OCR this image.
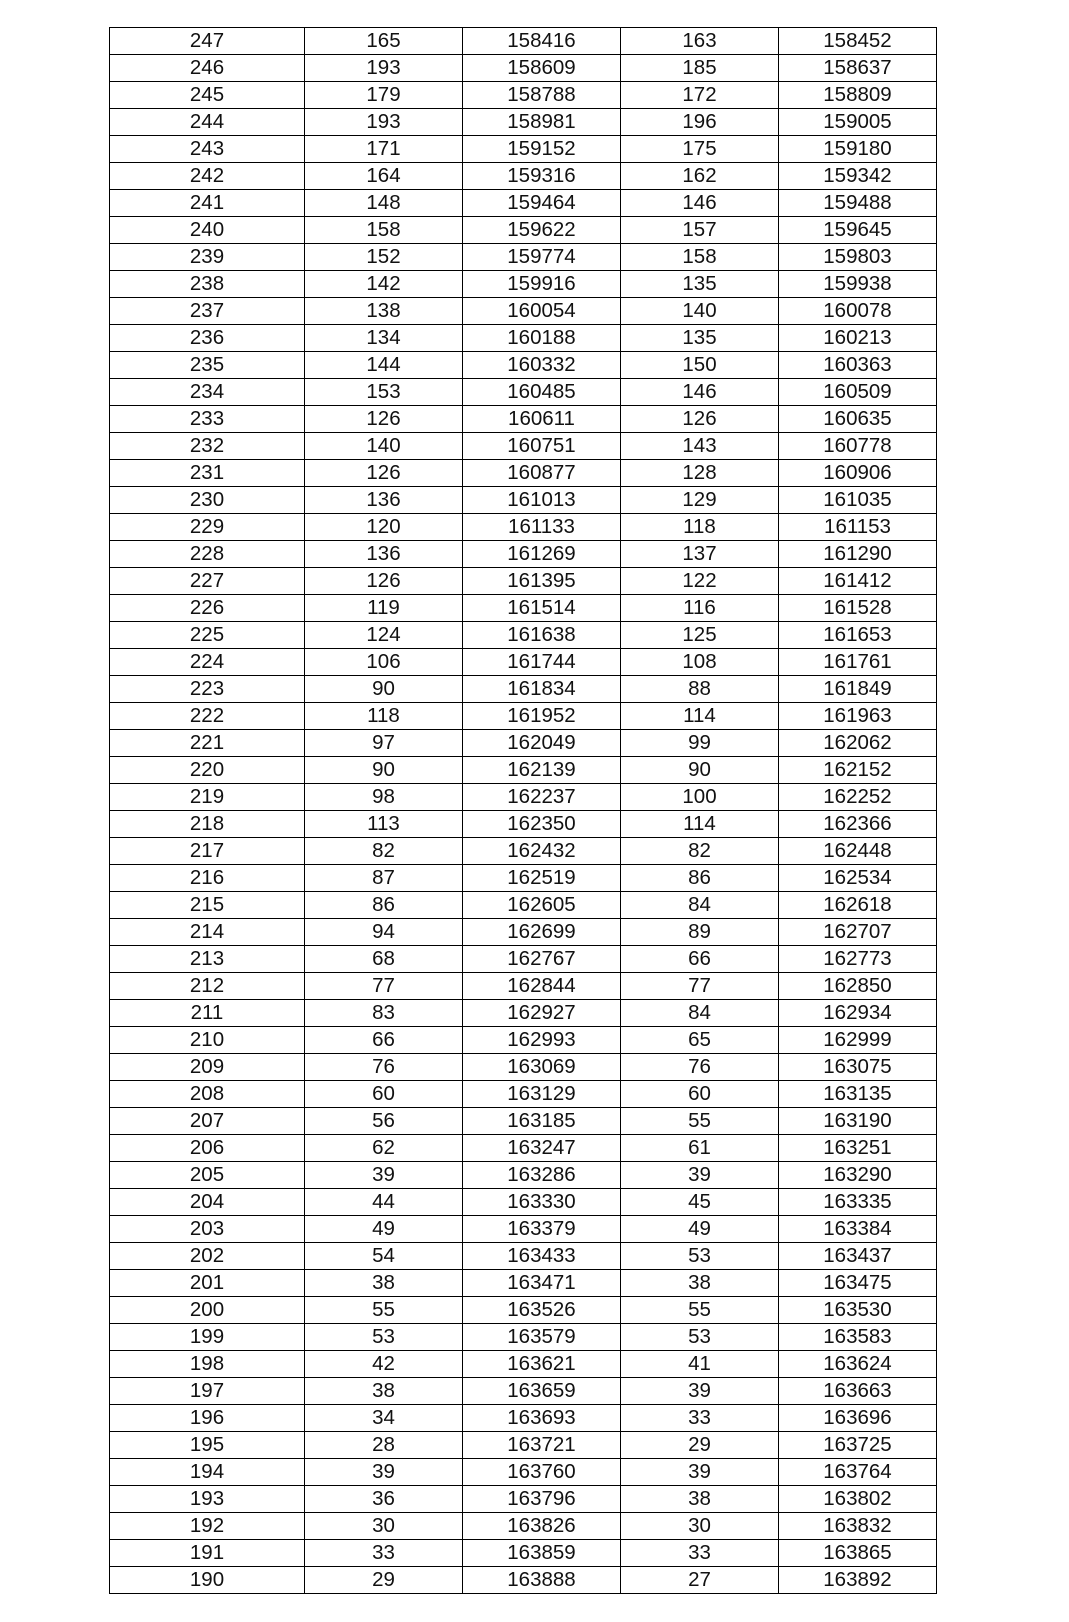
247	165	158416	163	158452
246	193	158609	185	158637
245	179	158788	172	158809
244	193	158981	196	159005
243	171	159152	175	159180
242	164	159316	162	159342
241	148	159464	146	159488
240	158	159622	157	159645
239	152	159774	158	159803
238	142	159916	135	159938
237	138	160054	140	160078
236	134	160188	135	160213
235	144	160332	150	160363
234	153	160485	146	160509
233	126	160611	126	160635
232	140	160751	143	160778
231	126	160877	128	160906
230	136	161013	129	161035
229	120	161133	118	161153
228	136	161269	137	161290
227	126	161395	122	161412
226	119	161514	116	161528
225	124	161638	125	161653
224	106	161744	108	161761
223	90	161834	88	161849
222	118	161952	114	161963
221	97	162049	99	162062
220	90	162139	90	162152
219	98	162237	100	162252
218	113	162350	114	162366
217	82	162432	82	162448
216	87	162519	86	162534
215	86	162605	84	162618
214	94	162699	89	162707
213	68	162767	66	162773
212	77	162844	77	162850
211	83	162927	84	162934
210	66	162993	65	162999
209	76	163069	76	163075
208	60	163129	60	163135
207	56	163185	55	163190
206	62	163247	61	163251
205	39	163286	39	163290
204	44	163330	45	163335
203	49	163379	49	163384
202	54	163433	53	163437
201	38	163471	38	163475
200	55	163526	55	163530
199	53	163579	53	163583
198	42	163621	41	163624
197	38	163659	39	163663
196	34	163693	33	163696
195	28	163721	29	163725
194	39	163760	39	163764
193	36	163796	38	163802
192	30	163826	30	163832
191	33	163859	33	163865
190	29	163888	27	163892
